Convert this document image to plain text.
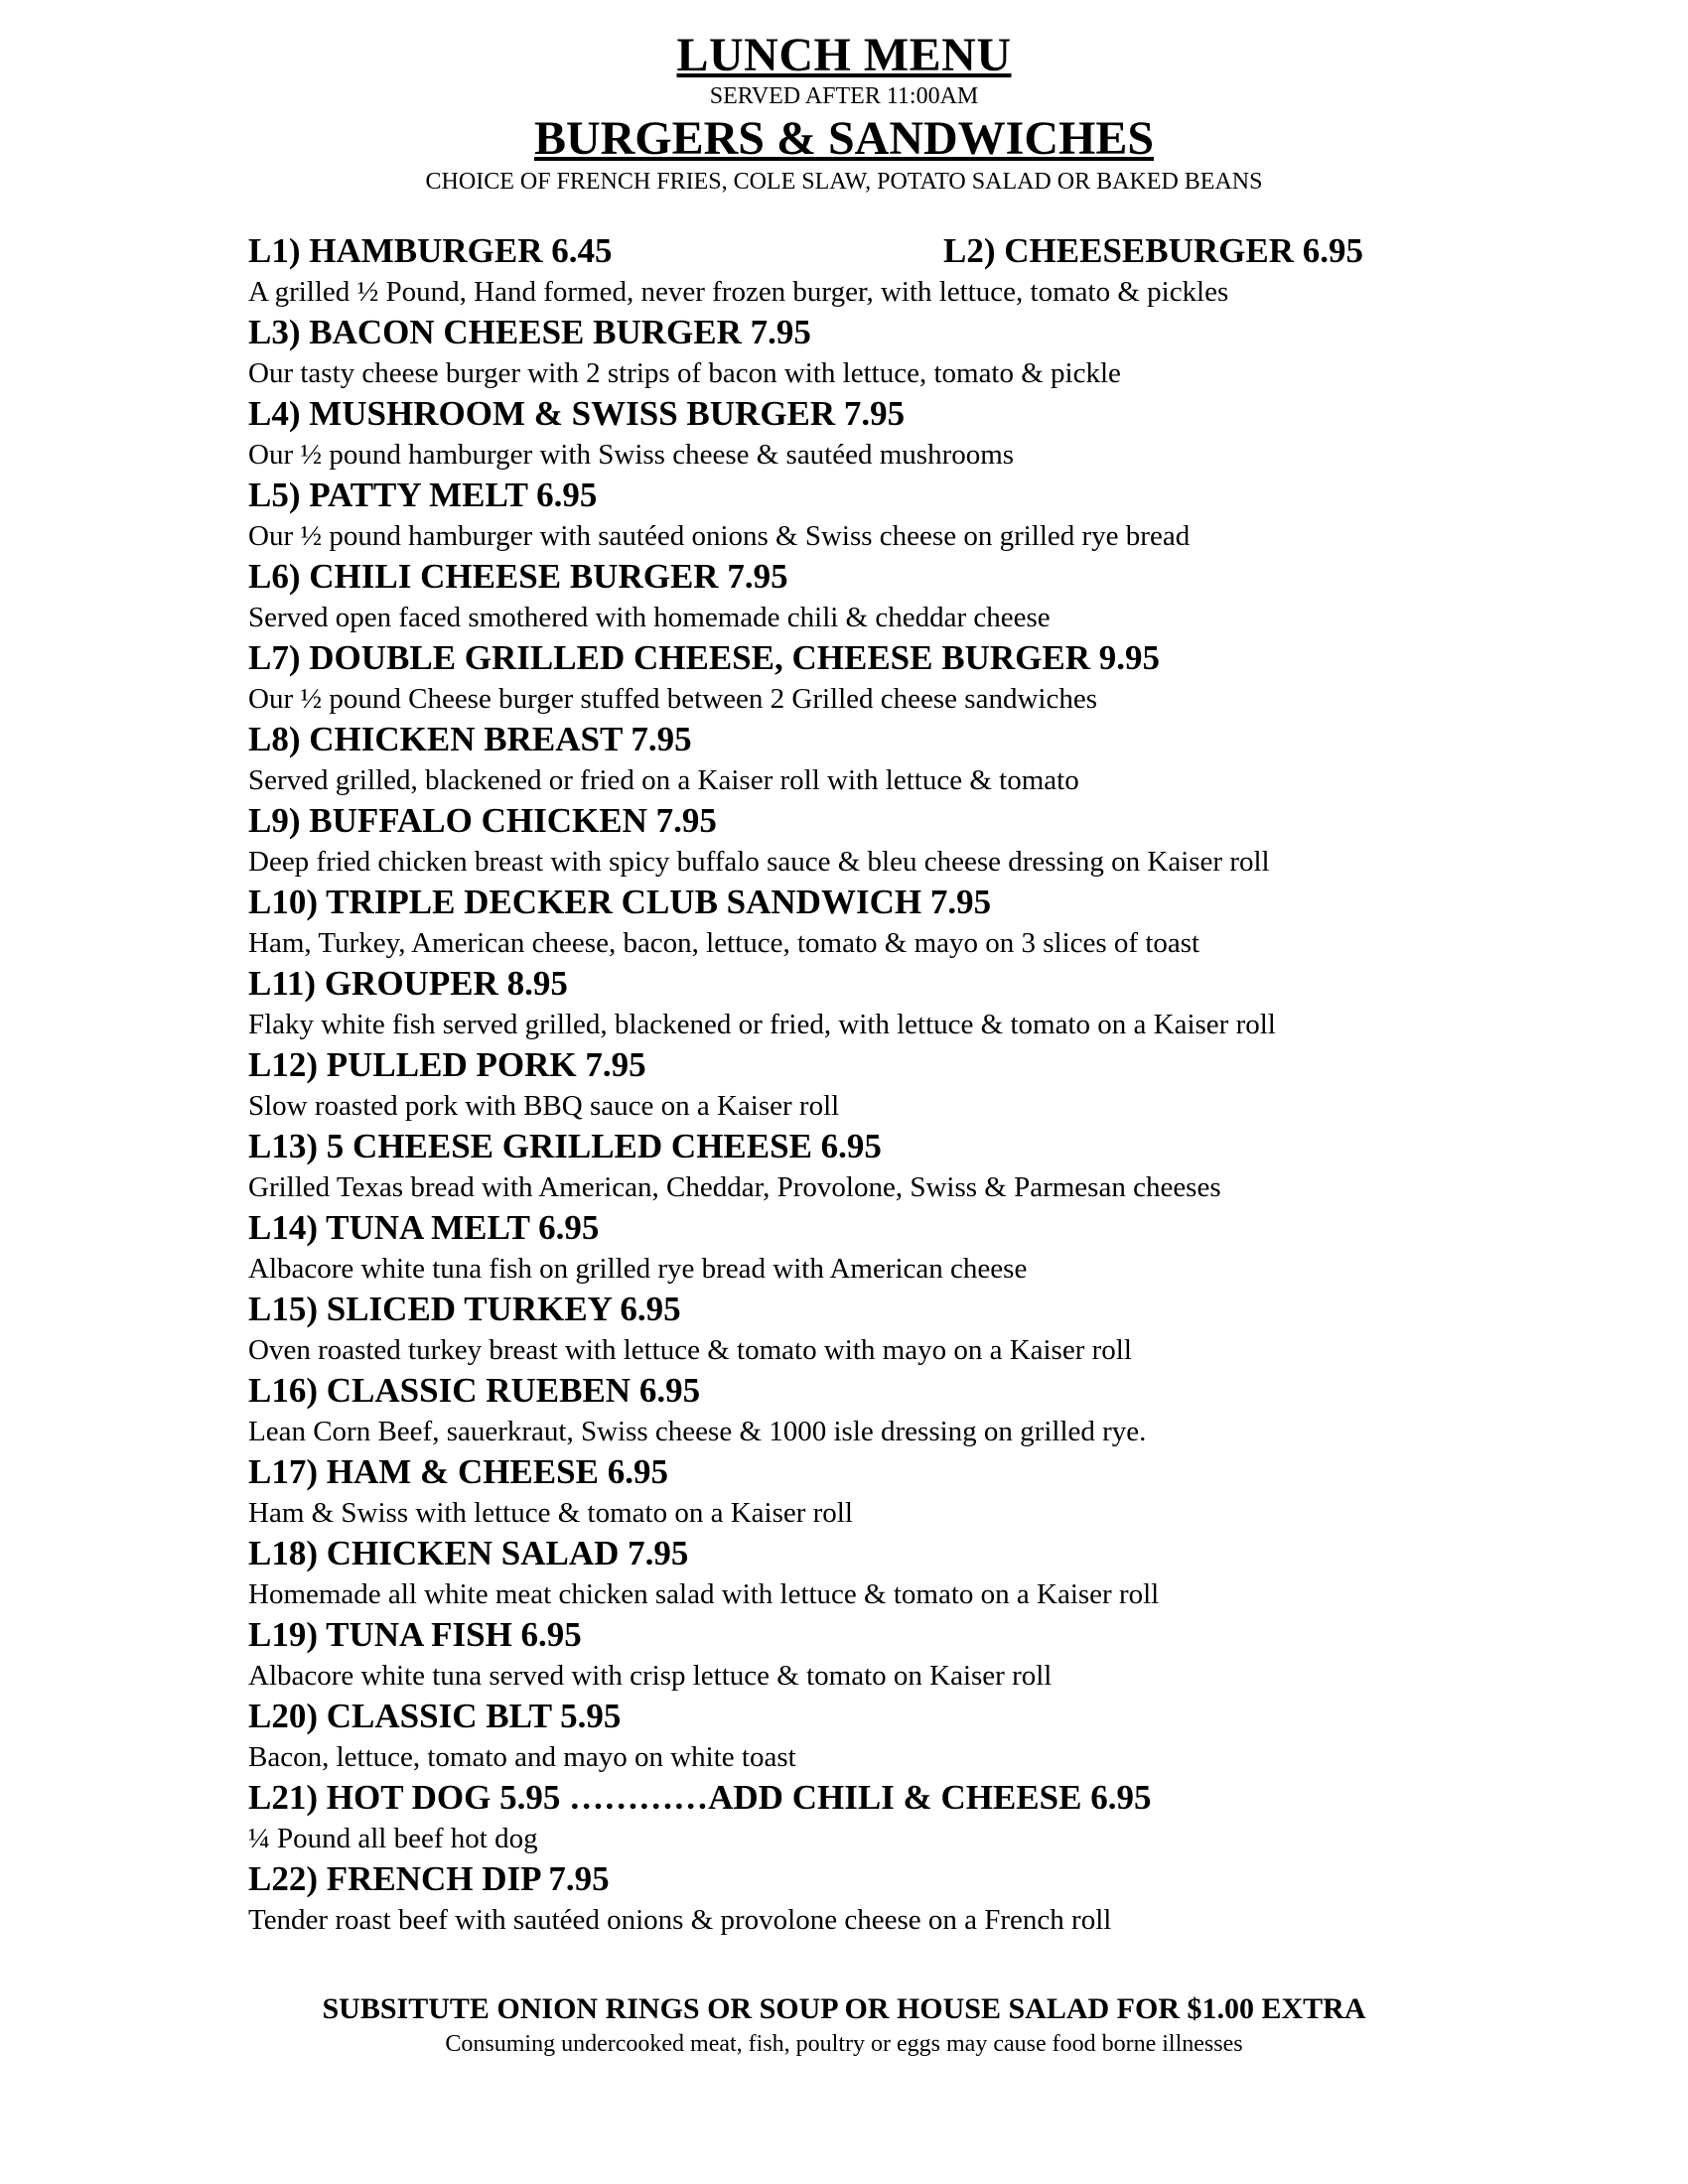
LUNCH MENU
SERVED AFTER 11:00AM
BURGERS & SANDWICHES
CHOICE OF FRENCH FRIES, COLE SLAW, POTATO SALAD OR BAKED BEANS
L1) HAMBURGER 6.45	L2) CHEESEBURGER 6.95
A grilled ½ Pound, Hand formed, never frozen burger, with lettuce, tomato & pickles
L3) BACON CHEESE BURGER 7.95
Our tasty cheese burger with 2 strips of bacon with lettuce, tomato & pickle
L4) MUSHROOM & SWISS BURGER 7.95
Our ½ pound hamburger with Swiss cheese & sautéed mushrooms
L5) PATTY MELT 6.95
Our ½ pound hamburger with sautéed onions & Swiss cheese on grilled rye bread
L6) CHILI CHEESE BURGER 7.95
Served open faced smothered with homemade chili & cheddar cheese
L7) DOUBLE GRILLED CHEESE, CHEESE BURGER 9.95
Our ½ pound Cheese burger stuffed between 2 Grilled cheese sandwiches
L8) CHICKEN BREAST 7.95
Served grilled, blackened or fried on a Kaiser roll with lettuce & tomato
L9) BUFFALO CHICKEN 7.95
Deep fried chicken breast with spicy buffalo sauce & bleu cheese dressing on Kaiser roll
L10) TRIPLE DECKER CLUB SANDWICH 7.95
Ham, Turkey, American cheese, bacon, lettuce, tomato & mayo on 3 slices of toast
L11) GROUPER 8.95
Flaky white fish served grilled, blackened or fried, with lettuce & tomato on a Kaiser roll
L12) PULLED PORK 7.95
Slow roasted pork with BBQ sauce on a Kaiser roll
L13) 5 CHEESE GRILLED CHEESE 6.95
Grilled Texas bread with American, Cheddar, Provolone, Swiss & Parmesan cheeses
L14) TUNA MELT 6.95
Albacore white tuna fish on grilled rye bread with American cheese
L15) SLICED TURKEY 6.95
Oven roasted turkey breast with lettuce & tomato with mayo on a Kaiser roll
L16) CLASSIC RUEBEN 6.95
Lean Corn Beef, sauerkraut, Swiss cheese & 1000 isle dressing on grilled rye.
L17) HAM & CHEESE 6.95
Ham & Swiss with lettuce & tomato on a Kaiser roll
L18) CHICKEN SALAD 7.95
Homemade all white meat chicken salad with lettuce & tomato on a Kaiser roll
L19) TUNA FISH 6.95
Albacore white tuna served with crisp lettuce & tomato on Kaiser roll
L20) CLASSIC BLT 5.95
Bacon, lettuce, tomato and mayo on white toast
L21) HOT DOG 5.95 …………ADD CHILI & CHEESE 6.95
¼ Pound all beef hot dog
L22) FRENCH DIP 7.95
Tender roast beef with sautéed onions & provolone cheese on a French roll
SUBSITUTE ONION RINGS OR SOUP OR HOUSE SALAD FOR $1.00 EXTRA
Consuming undercooked meat, fish, poultry or eggs may cause food borne illnesses
